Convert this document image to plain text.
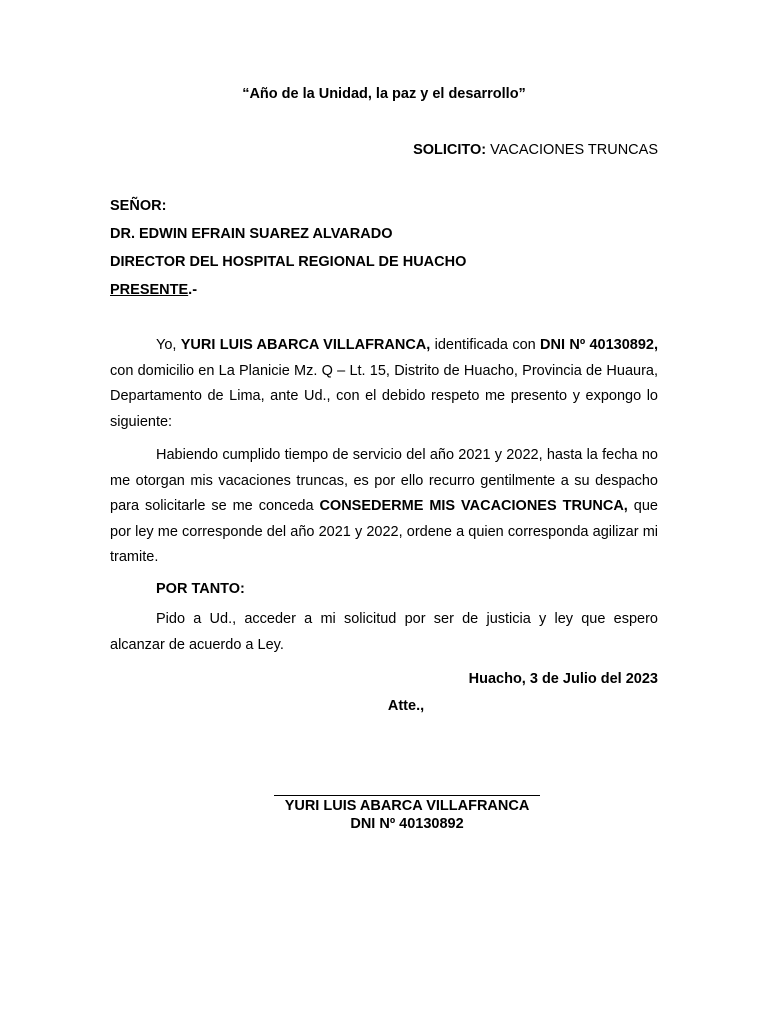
“Año de la Unidad, la paz y el desarrollo”
SOLICITO: VACACIONES TRUNCAS
SEÑOR:
DR. EDWIN EFRAIN SUAREZ ALVARADO
DIRECTOR DEL HOSPITAL REGIONAL DE HUACHO
PRESENTE.-

Yo, YURI LUIS ABARCA VILLAFRANCA, identificada con DNI Nº 40130892, con domicilio en La Planicie Mz. Q – Lt. 15, Distrito de Huacho, Provincia de Huaura, Departamento de Lima, ante Ud., con el debido respeto me presento y expongo lo siguiente:

Habiendo cumplido tiempo de servicio del año 2021 y 2022, hasta la fecha no me otorgan mis vacaciones truncas, es por ello recurro gentilmente a su despacho para solicitarle se me conceda CONSEDERME MIS VACACIONES TRUNCA, que por ley me corresponde del año 2021 y 2022, ordene a quien corresponda agilizar mi tramite.

POR TANTO:

Pido a Ud., acceder a mi solicitud por ser de justicia y ley que espero alcanzar de acuerdo a Ley.

Huacho, 3 de Julio del 2023
Atte.,
YURI LUIS ABARCA VILLAFRANCA
DNI Nº 40130892
